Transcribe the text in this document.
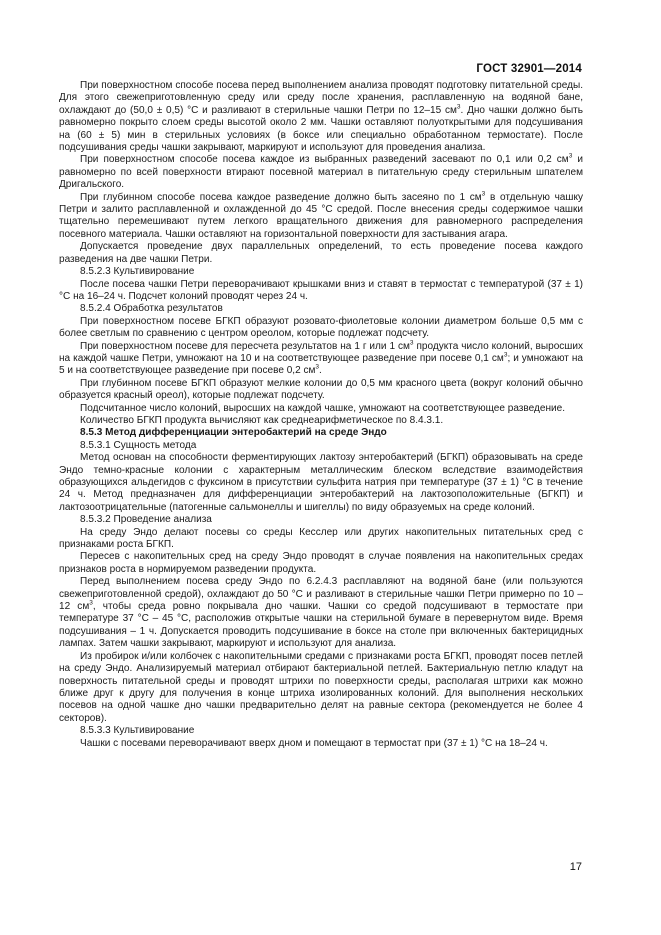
ГОСТ 32901—2014

При поверхностном способе посева перед выполнением анализа проводят подготовку питательной среды. Для этого свежеприготовленную среду или среду после хранения, расплавленную на водяной бане, охлаждают до (50,0 ± 0,5) °С и разливают в стерильные чашки Петри по 12–15 $см^3$. Дно чашки должно быть равномерно покрыто слоем среды высотой около 2 мм. Чашки оставляют полуоткрытыми для подсушивания на (60 ± 5) мин в стерильных условиях (в боксе или специально обработанном термостате). После подсушивания среды чашки закрывают, маркируют и используют для проведения анализа.

При поверхностном способе посева каждое из выбранных разведений засевают по 0,1 или 0,2 $см^3$ и равномерно по всей поверхности втирают посевной материал в питательную среду стерильным шпателем Дригальского.

При глубинном способе посева каждое разведение должно быть засеяно по 1 $см^3$ в отдельную чашку Петри и залито расплавленной и охлажденной до 45 °С средой. После внесения среды содержимое чашки тщательно перемешивают путем легкого вращательного движения для равномерного распределения посевного материала. Чашки оставляют на горизонтальной поверхности для застывания агара.

Допускается проведение двух параллельных определений, то есть проведение посева каждого разведения на две чашки Петри.

8.5.2.3 Культивирование

После посева чашки Петри переворачивают крышками вниз и ставят в термостат с температурой (37 ± 1) °С на 16–24 ч. Подсчет колоний проводят через 24 ч.

8.5.2.4 Обработка результатов

При поверхностном посеве БГКП образуют розовато-фиолетовые колонии диаметром больше 0,5 мм с более светлым по сравнению с центром ореолом, которые подлежат подсчету.

При поверхностном посеве для пересчета результатов на 1 г или 1 $см^3$ продукта число колоний, выросших на каждой чашке Петри, умножают на 10 и на соответствующее разведение при посеве 0,1 $см^3$; и умножают на 5 и на соответствующее разведение при посеве 0,2 $см^3$.

При глубинном посеве БГКП образуют мелкие колонии до 0,5 мм красного цвета (вокруг колоний обычно образуется красный ореол), которые подлежат подсчету.

Подсчитанное число колоний, выросших на каждой чашке, умножают на соответствующее разведение.

Количество БГКП продукта вычисляют как среднеарифметическое по 8.4.3.1.

8.5.3 Метод дифференциации энтеробактерий на среде Эндо

8.5.3.1 Сущность метода

Метод основан на способности ферментирующих лактозу энтеробактерий (БГКП) образовывать на среде Эндо темно-красные колонии с характерным металлическим блеском вследствие взаимодействия образующихся альдегидов с фуксином в присутствии сульфита натрия при температуре (37 ± 1) °С в течение 24 ч. Метод предназначен для дифференциации энтеробактерий на лактозоположительные (БГКП) и лактозоотрицательные (патогенные сальмонеллы и шигеллы) по виду образуемых на среде колоний.

8.5.3.2 Проведение анализа

На среду Эндо делают посевы со среды Кесслер или других накопительных питательных сред с признаками роста БГКП.

Пересев с накопительных сред на среду Эндо проводят в случае появления на накопительных средах признаков роста в нормируемом разведении продукта.

Перед выполнением посева среду Эндо по 6.2.4.3 расплавляют на водяной бане (или пользуются свежеприготовленной средой), охлаждают до 50 °С и разливают в стерильные чашки Петри примерно по 10 – 12 $см^3$, чтобы среда ровно покрывала дно чашки. Чашки со средой подсушивают в термостате при температуре 37 °С – 45 °С, расположив открытые чашки на стерильной бумаге в перевернутом виде. Время подсушивания – 1 ч. Допускается проводить подсушивание в боксе на столе при включенных бактерицидных лампах. Затем чашки закрывают, маркируют и используют для анализа.

Из пробирок и/или колбочек с накопительными средами с признаками роста БГКП, проводят посев петлей на среду Эндо. Анализируемый материал отбирают бактериальной петлей. Бактериальную петлю кладут на поверхность питательной среды и проводят штрихи по поверхности среды, располагая штрихи как можно ближе друг к другу для получения в конце штриха изолированных колоний. Для выполнения нескольких посевов на одной чашке дно чашки предварительно делят на равные сектора (рекомендуется не более 4 секторов).

8.5.3.3 Культивирование

Чашки с посевами переворачивают вверх дном и помещают в термостат при (37 ± 1) °С на 18–24 ч.

17
